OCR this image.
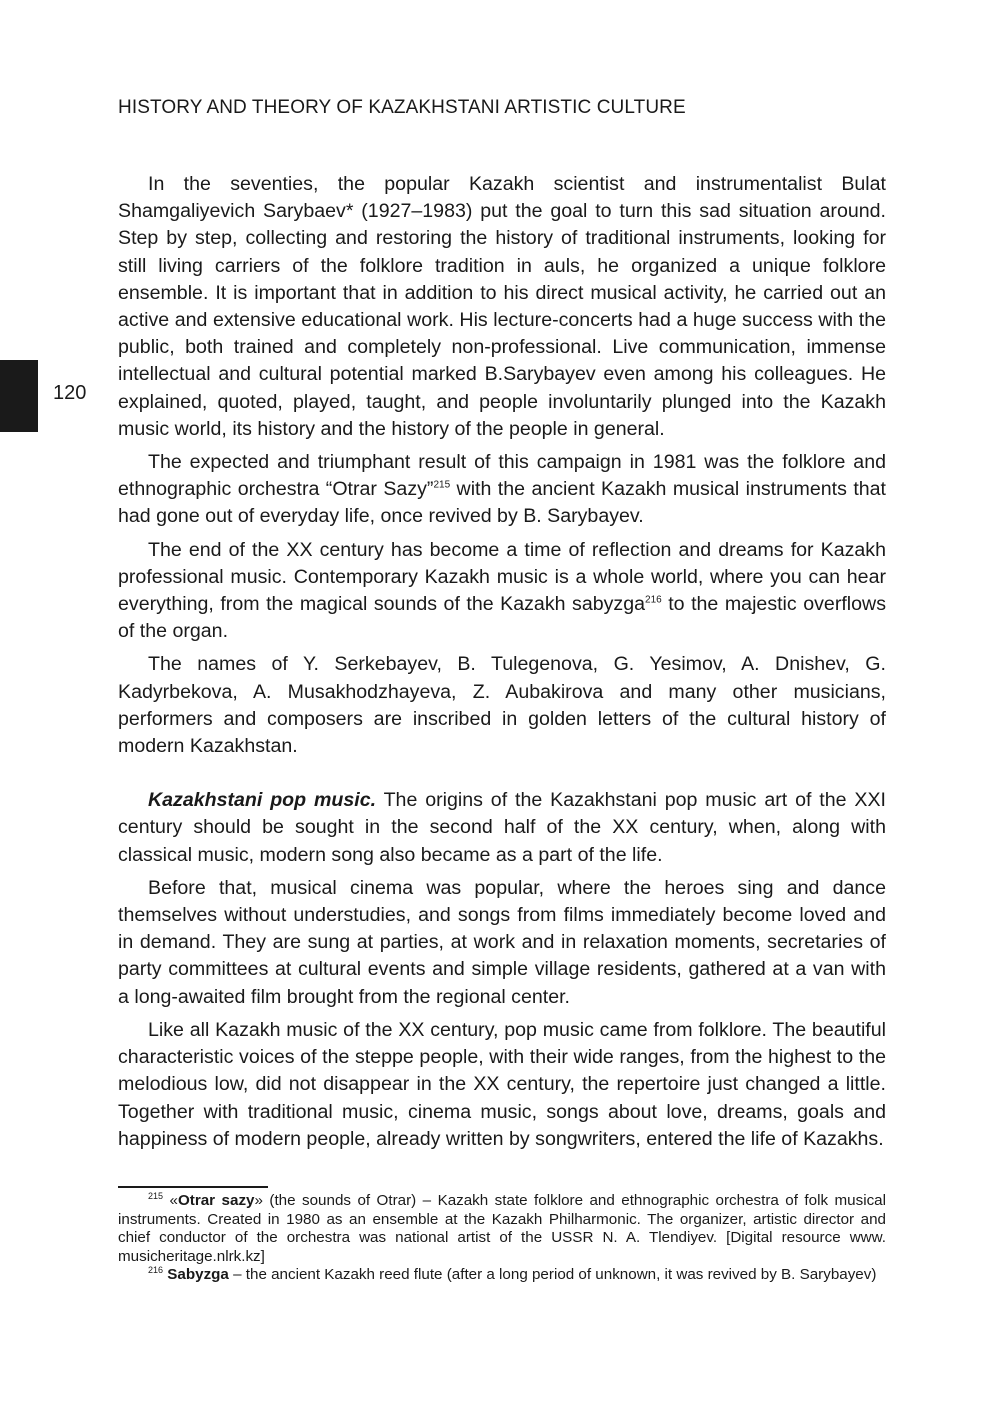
HISTORY AND THEORY OF KAZAKHSTANI ARTISTIC CULTURE
120

In the seventies, the popular Kazakh scientist and instrumentalist Bulat Shamgaliyevich Sarybaev* (1927–1983) put the goal to turn this sad situation around. Step by step, collecting and restoring the history of traditional instruments, looking for still living carriers of the folklore tradition in auls, he organized a unique folklore ensemble. It is important that in addition to his direct musical activity, he carried out an active and extensive educational work. His lecture-concerts had a huge success with the public, both trained and completely non-professional. Live communication, immense intellectual and cultural potential marked B.Sarybayev even among his colleagues. He explained, quoted, played, taught, and people involuntarily plunged into the Kazakh music world, its history and the history of the people in general.

The expected and triumphant result of this campaign in 1981 was the folklore and ethnographic orchestra “Otrar Sazy”$^{215}$ with the ancient Kazakh musical instruments that had gone out of everyday life, once revived by B. Sarybayev.

The end of the XX century has become a time of reflection and dreams for Kazakh professional music. Contemporary Kazakh music is a whole world, where you can hear everything, from the magical sounds of the Kazakh sabyzga$^{216}$ to the majestic overflows of the organ.

The names of Y. Serkebayev, B. Tulegenova, G. Yesimov, A. Dnishev, G. Kadyrbekova, A. Musakhodzhayeva, Z. Aubakirova and many other musicians, performers and composers are inscribed in golden letters of the cultural history of modern Kazakhstan.

Kazakhstani pop music. The origins of the Kazakhstani pop music art of the XXI century should be sought in the second half of the XX century, when, along with classical music, modern song also became as a part of the life.

Before that, musical cinema was popular, where the heroes sing and dance themselves without understudies, and songs from films immediately become loved and in demand. They are sung at parties, at work and in relaxation moments, secretaries of party committees at cultural events and simple village residents, gathered at a van with a long-awaited film brought from the regional center.

Like all Kazakh music of the XX century, pop music came from folklore. The beautiful characteristic voices of the steppe people, with their wide ranges, from the highest to the melodious low, did not disappear in the XX century, the repertoire just changed a little. Together with traditional music, cinema music, songs about love, dreams, goals and happiness of modern people, already written by songwriters, entered the life of Kazakhs.

$^{215}$ «Otrar sazy» (the sounds of Otrar) – Kazakh state folklore and ethnographic orchestra of folk musical instruments. Created in 1980 as an ensemble at the Kazakh Philharmonic. The organizer, artistic director and chief conductor of the orchestra was national artist of the USSR N. A. Tlendiyev. [Digital resource www. musicheritage.nlrk.kz]

$^{216}$ Sabyzga – the ancient Kazakh reed flute (after a long period of unknown, it was revived by B. Sarybayev)
